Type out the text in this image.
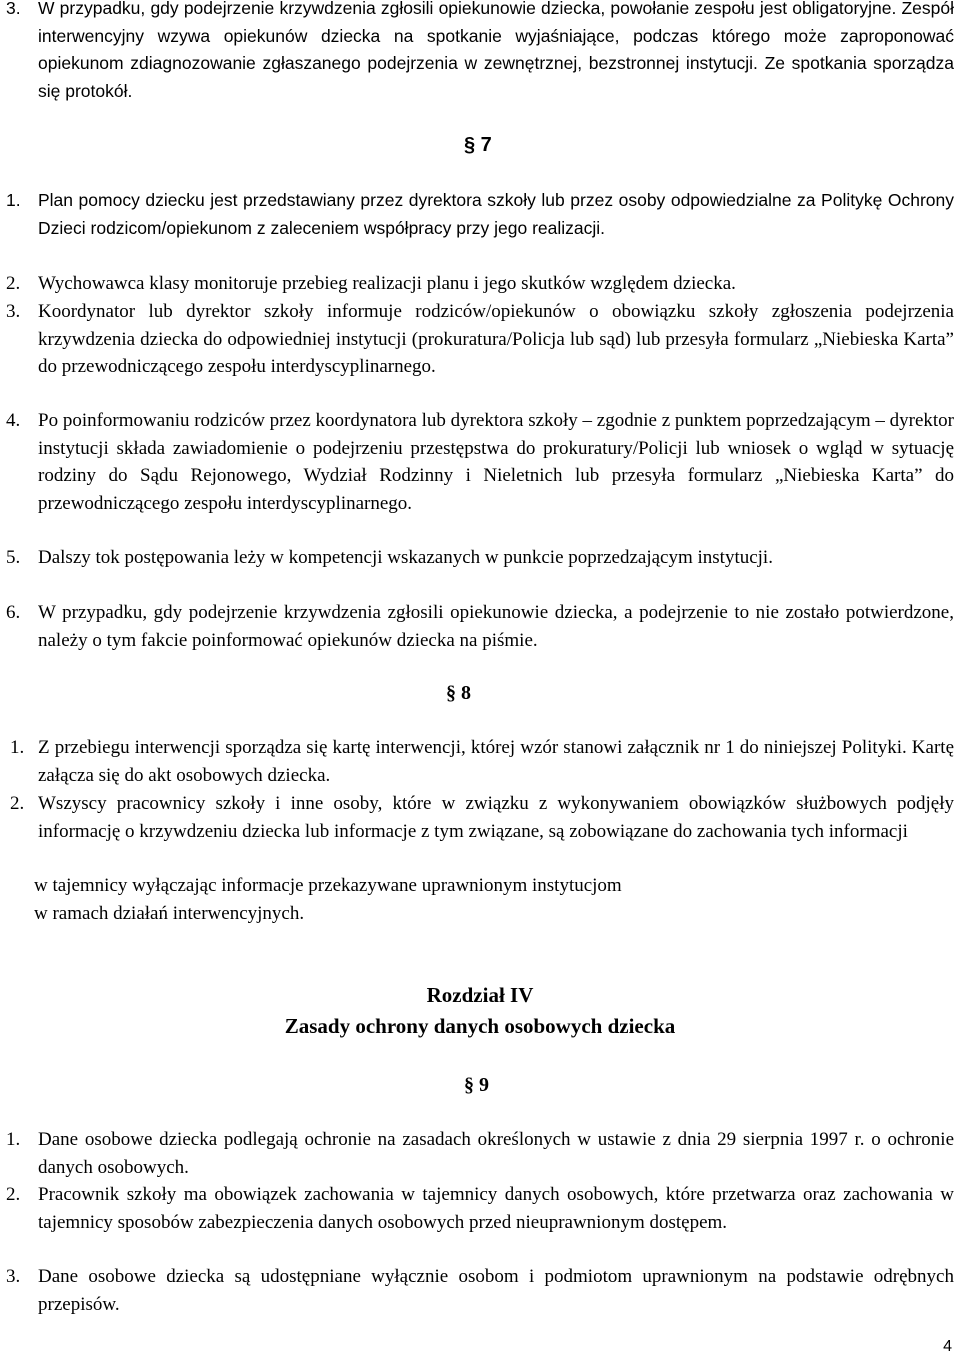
3. W przypadku, gdy podejrzenie krzywdzenia zgłosili opiekunowie dziecka, powołanie zespołu jest obligatoryjne. Zespół interwencyjny wzywa opiekunów dziecka na spotkanie wyjaśniające, podczas którego może zaproponować opiekunom zdiagnozowanie zgłaszanego podejrzenia w zewnętrznej, bezstronnej instytucji. Ze spotkania sporządza się protokół.
§ 7
1. Plan pomocy dziecku jest przedstawiany przez dyrektora szkoły lub przez osoby odpowiedzialne za Politykę Ochrony Dzieci rodzicom/opiekunom z zaleceniem współpracy przy jego realizacji.
2. Wychowawca klasy monitoruje przebieg realizacji planu i jego skutków względem dziecka.
3. Koordynator lub dyrektor szkoły informuje rodziców/opiekunów o obowiązku szkoły zgłoszenia podejrzenia krzywdzenia dziecka do odpowiedniej instytucji (prokuratura/Policja lub sąd) lub przesyła formularz „Niebieska Karta” do przewodniczącego zespołu interdyscyplinarnego.
4. Po poinformowaniu rodziców przez koordynatora lub dyrektora szkoły – zgodnie z punktem poprzedzającym – dyrektor instytucji składa zawiadomienie o podejrzeniu przestępstwa do prokuratury/Policji lub wniosek o wgląd w sytuację rodziny do Sądu Rejonowego, Wydział Rodzinny i Nieletnich lub przesyła formularz „Niebieska Karta” do przewodniczącego zespołu interdyscyplinarnego.
5. Dalszy tok postępowania leży w kompetencji wskazanych w punkcie poprzedzającym instytucji.
6. W przypadku, gdy podejrzenie krzywdzenia zgłosili opiekunowie dziecka, a podejrzenie to nie zostało potwierdzone, należy o tym fakcie poinformować opiekunów dziecka na piśmie.
§ 8
1. Z przebiegu interwencji sporządza się kartę interwencji, której wzór stanowi załącznik nr 1 do niniejszej Polityki. Kartę załącza się do akt osobowych dziecka.
2. Wszyscy pracownicy szkoły i inne osoby, które w związku z wykonywaniem obowiązków służbowych podjęły informację o krzywdzeniu dziecka lub informacje z tym związane, są zobowiązane do zachowania tych informacji
w tajemnicy wyłączając informacje przekazywane uprawnionym instytucjom
w ramach działań interwencyjnych.
Rozdział IV
Zasady ochrony danych osobowych dziecka
§ 9
1. Dane osobowe dziecka podlegają ochronie na zasadach określonych w ustawie z dnia 29 sierpnia 1997 r. o ochronie danych osobowych.
2. Pracownik szkoły ma obowiązek zachowania w tajemnicy danych osobowych, które przetwarza oraz zachowania w tajemnicy sposobów zabezpieczenia danych osobowych przed nieuprawnionym dostępem.
3. Dane osobowe dziecka są udostępniane wyłącznie osobom i podmiotom uprawnionym na podstawie odrębnych przepisów.
4
